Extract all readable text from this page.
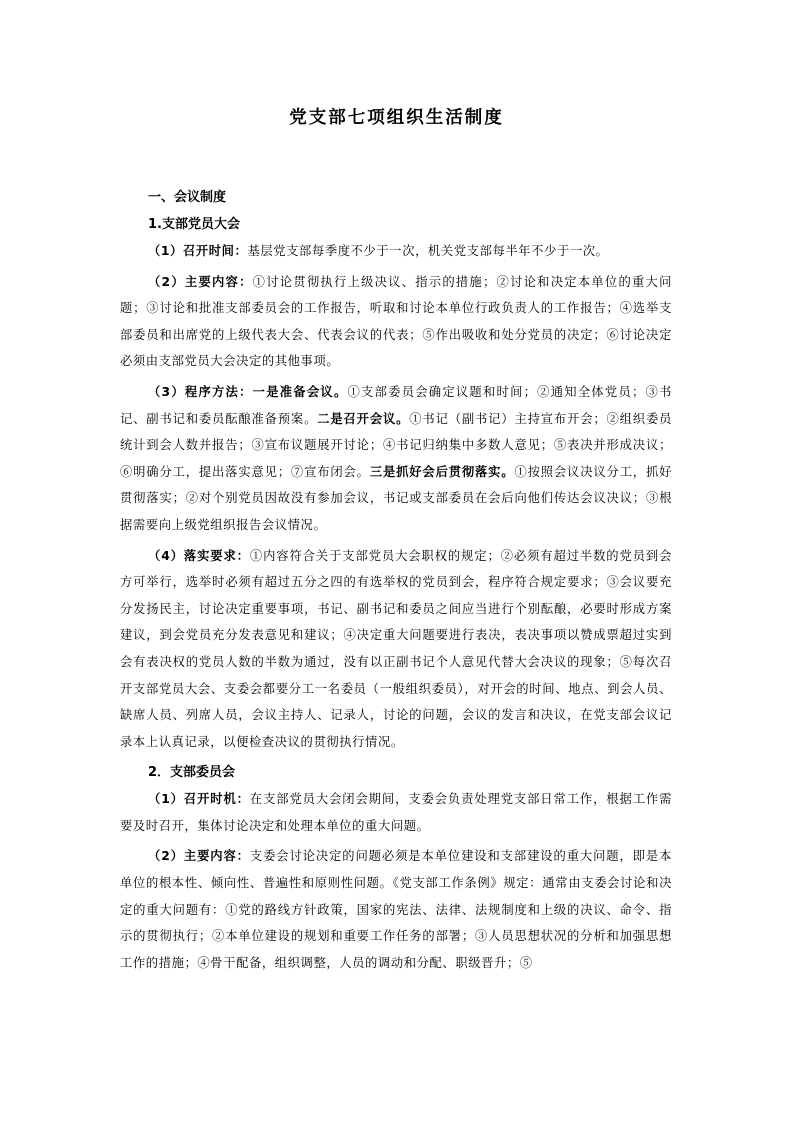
党支部七项组织生活制度
一、会议制度
1.支部党员大会

（1）召开时间：基层党支部每季度不少于一次，机关党支部每半年不少于一次。

（2）主要内容：①讨论贯彻执行上级决议、指示的措施；②讨论和决定本单位的重大问题；③讨论和批准支部委员会的工作报告，听取和讨论本单位行政负责人的工作报告；④选举支部委员和出席党的上级代表大会、代表会议的代表；⑤作出吸收和处分党员的决定；⑥讨论决定必须由支部党员大会决定的其他事项。

（3）程序方法：一是准备会议。①支部委员会确定议题和时间；②通知全体党员；③书记、副书记和委员酝酿准备预案。二是召开会议。①书记（副书记）主持宣布开会；②组织委员统计到会人数并报告；③宣布议题展开讨论；④书记归纳集中多数人意见；⑤表决并形成决议；⑥明确分工，提出落实意见；⑦宣布闭会。三是抓好会后贯彻落实。①按照会议决议分工，抓好贯彻落实；②对个别党员因故没有参加会议，书记或支部委员在会后向他们传达会议决议；③根据需要向上级党组织报告会议情况。

（4）落实要求：①内容符合关于支部党员大会职权的规定；②必须有超过半数的党员到会方可举行，选举时必须有超过五分之四的有选举权的党员到会，程序符合规定要求；③会议要充分发扬民主，讨论决定重要事项，书记、副书记和委员之间应当进行个别酝酿，必要时形成方案建议，到会党员充分发表意见和建议；④决定重大问题要进行表决，表决事项以赞成票超过实到会有表决权的党员人数的半数为通过，没有以正副书记个人意见代替大会决议的现象；⑤每次召开支部党员大会、支委会都要分工一名委员（一般组织委员），对开会的时间、地点、到会人员、缺席人员、列席人员，会议主持人、记录人，讨论的问题，会议的发言和决议，在党支部会议记录本上认真记录，以便检查决议的贯彻执行情况。

2．支部委员会

（1）召开时机：在支部党员大会闭会期间，支委会负责处理党支部日常工作，根据工作需要及时召开，集体讨论决定和处理本单位的重大问题。

（2）主要内容：支委会讨论决定的问题必须是本单位建设和支部建设的重大问题，即是本单位的根本性、倾向性、普遍性和原则性问题。《党支部工作条例》规定：通常由支委会讨论和决定的重大问题有：①党的路线方针政策，国家的宪法、法律、法规制度和上级的决议、命令、指示的贯彻执行；②本单位建设的规划和重要工作任务的部署；③人员思想状况的分析和加强思想工作的措施；④骨干配备，组织调整，人员的调动和分配、职级晋升；⑤
